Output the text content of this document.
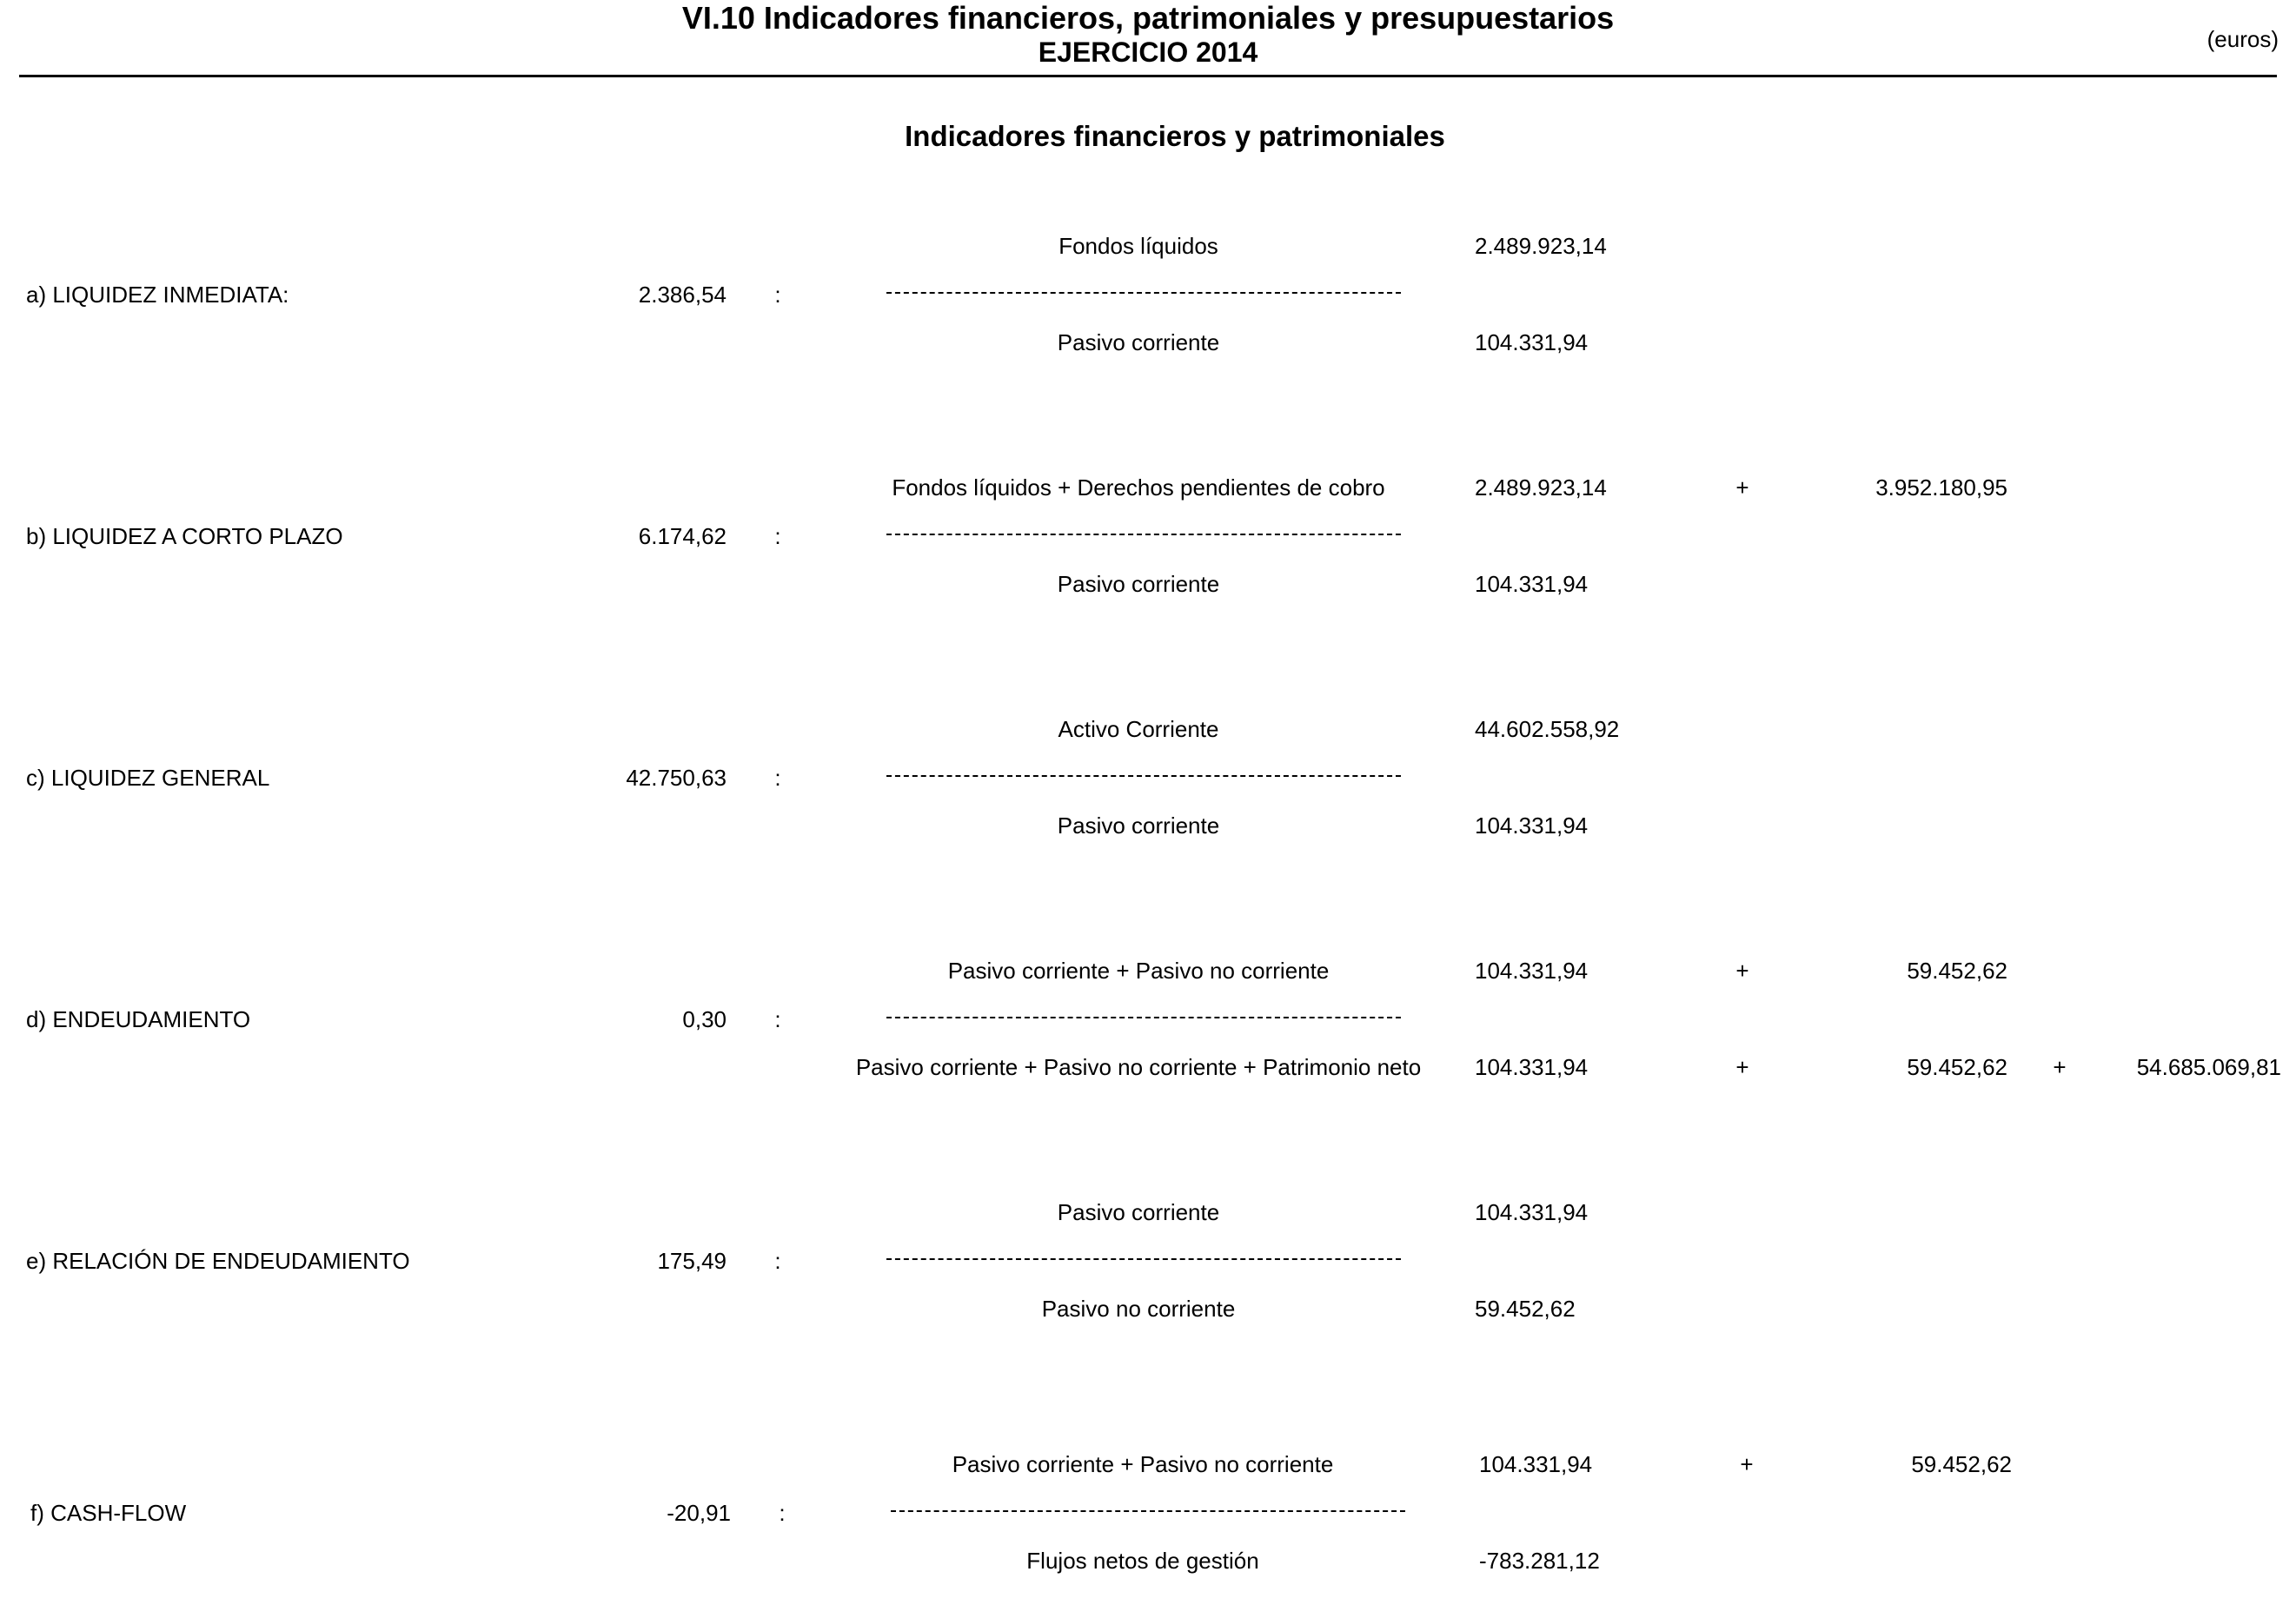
VI.10 Indicadores financieros, patrimoniales y presupuestarios
EJERCICIO 2014	(euros)
Indicadores financieros y patrimoniales
Fondos líquidos	2.489.923,14
a) LIQUIDEZ INMEDIATA:	2.386,54 :
Pasivo corriente	104.331,94
Fondos líquidos + Derechos pendientes de cobro	2.489.923,14	+	3.952.180,95
b) LIQUIDEZ A CORTO PLAZO	6.174,62 :
Pasivo corriente	104.331,94
Activo Corriente	44.602.558,92
c) LIQUIDEZ GENERAL	42.750,63 :
Pasivo corriente	104.331,94
Pasivo corriente + Pasivo no corriente	104.331,94	+	59.452,62
d) ENDEUDAMIENTO	0,30 :
Pasivo corriente + Pasivo no corriente + Patrimonio neto	104.331,94	+	59.452,62 +	54.685.069,81
Pasivo corriente	104.331,94
e) RELACIÓN DE ENDEUDAMIENTO	175,49 :
Pasivo no corriente	59.452,62
Pasivo corriente + Pasivo no corriente	104.331,94	+	59.452,62
f) CASH-FLOW	-20,91 :
Flujos netos de gestión	-783.281,12
